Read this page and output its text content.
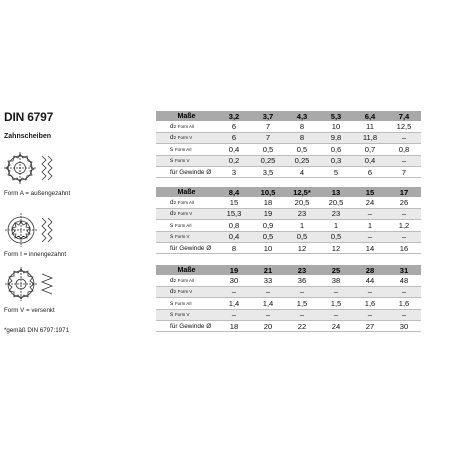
DIN 6797
Zahnscheiben
Form A = außengezahnt
Form I = innengezahnt
Form V = versenkt
*gemäß DIN 6797:1971
Maße	3,2	3,7	4,3	5,3	6,4	7,4
d2 Form A/I	6	7	8	10	11	12,5
d2 Form V	6	7	8	9,8	11,8	–
s Form A/I	0,4	0,5	0,5	0,6	0,7	0,8
s Form V	0,2	0,25	0,25	0,3	0,4	–
für Gewinde Ø	3	3,5	4	5	6	7
Maße	8,4	10,5	12,5*	13	15	17
d2 Form A/I	15	18	20,5	20,5	24	26
d2 Form V	15,3	19	23	23	–	–
s Form A/I	0,8	0,9	1	1	1	1,2
s Form V	0,4	0,5	0,5	0,5	–	–
für Gewinde Ø	8	10	12	12	14	16
Maße	19	21	23	25	28	31
d2 Form A/I	30	33	36	38	44	48
d2 Form V	–	–	–	–	–	–
s Form A/I	1,4	1,4	1,5	1,5	1,6	1,6
s Form V	–	–	–	–	–	–
für Gewinde Ø	18	20	22	24	27	30
